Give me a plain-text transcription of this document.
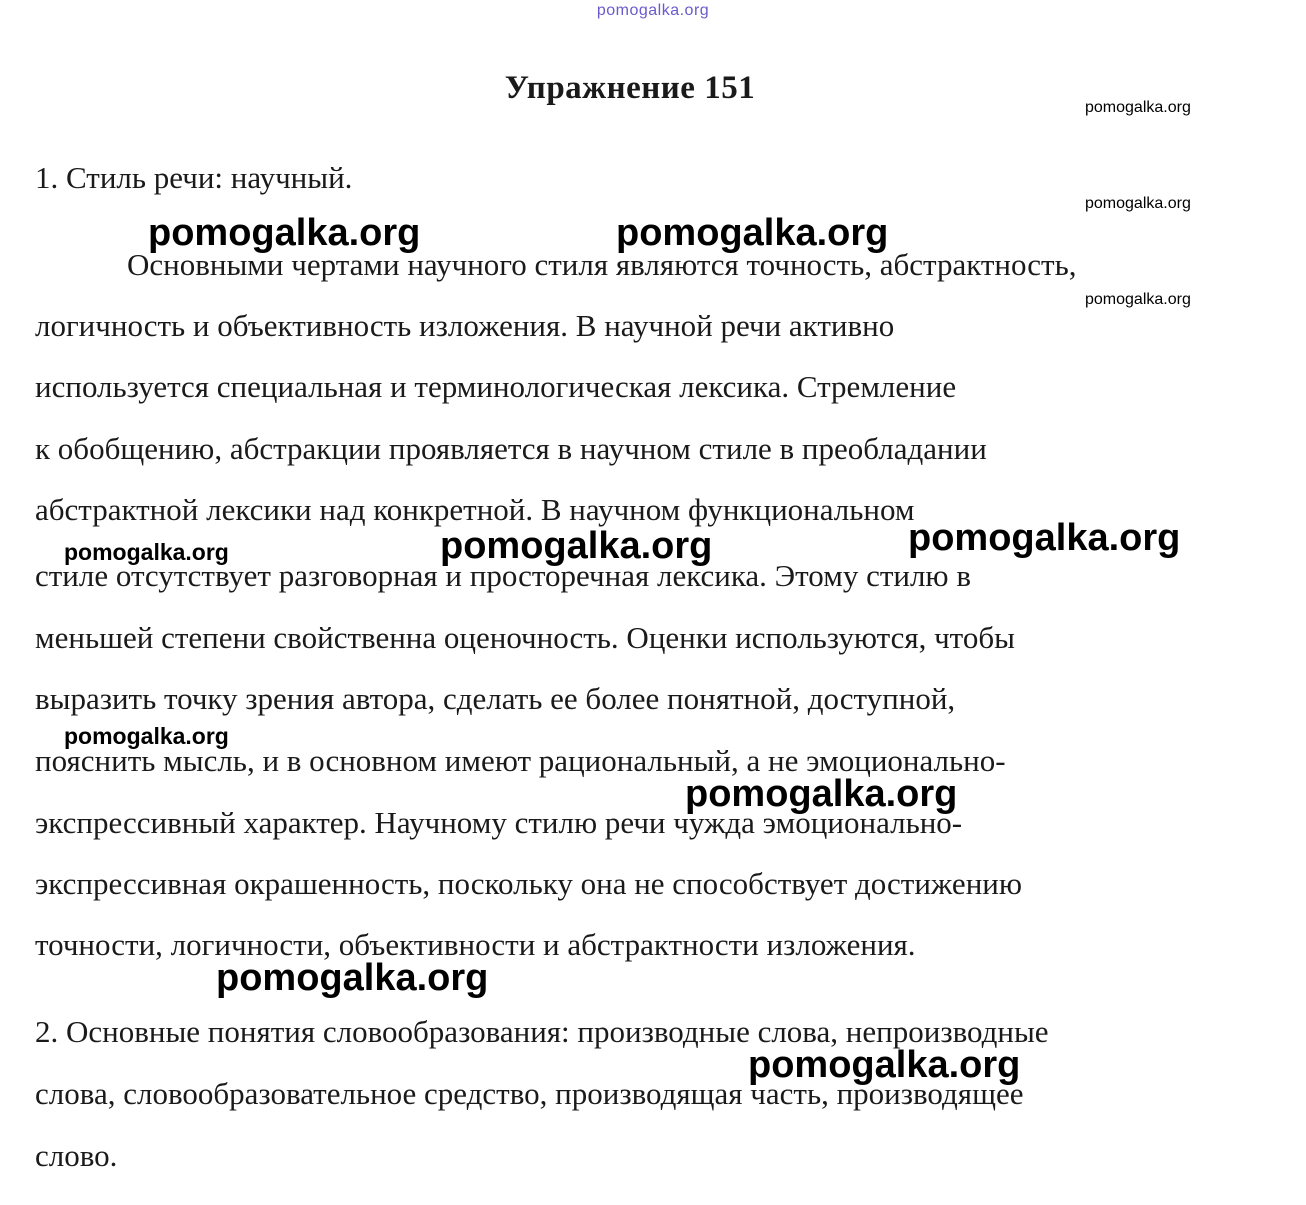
pomogalka.org
Упражнение 151
1. Стиль речи: научный.
Основными чертами научного стиля являются точность, абстрактность,
логичность и объективность изложения. В научной речи активно
используется специальная и терминологическая лексика. Стремление
к обобщению, абстракции проявляется в научном стиле в преобладании
абстрактной лексики над конкретной. В научном функциональном
стиле отсутствует разговорная и просторечная лексика. Этому стилю в
меньшей степени свойственна оценочность. Оценки используются, чтобы
выразить точку зрения автора, сделать ее более понятной, доступной,
пояснить мысль, и в основном имеют рациональный, а не эмоционально-
экспрессивный характер. Научному стилю речи чужда эмоционально-
экспрессивная окрашенность, поскольку она не способствует достижению
точности, логичности, объективности и абстрактности изложения.
2. Основные понятия словообразования: производные слова, непроизводные
слова, словообразовательное средство, производящая часть, производящее
слово.
pomogalka.org
pomogalka.org
pomogalka.org
pomogalka.org	pomogalka.org
pomogalka.org	pomogalka.org	pomogalka.org
pomogalka.org
pomogalka.org
pomogalka.org
pomogalka.org
